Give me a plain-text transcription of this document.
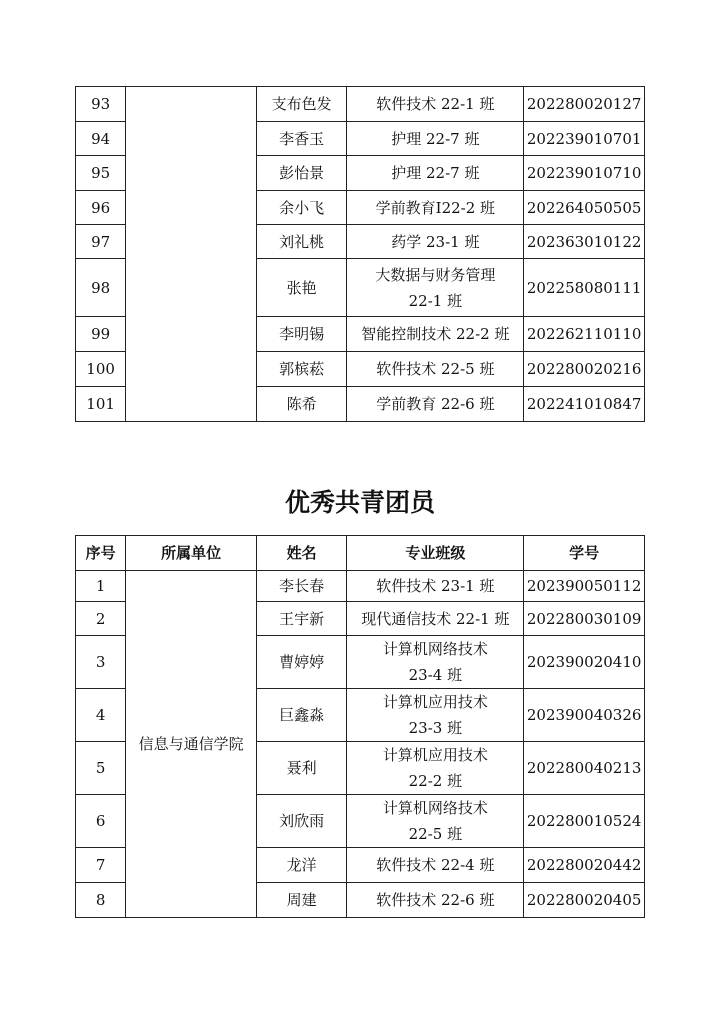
93		支布色发	软件技术 22-1 班	202280020127
94		李香玉	护理 22-7 班	202239010701
95		彭怡景	护理 22-7 班	202239010710
96		余小飞	学前教育Ⅰ22-2 班	202264050505
97		刘礼桃	药学 23-1 班	202363010122
98		张艳	大数据与财务管理
22-1 班	202258080111
99		李明锡	智能控制技术 22-2 班	202262110110
100		郭槟菘	软件技术 22-5 班	202280020216
101		陈希	学前教育 22-6 班	202241010847
优秀共青团员
序号	所属单位	姓名	专业班级	学号
1	信息与通信学院	李长春	软件技术 23-1 班	202390050112
2		王宇新	现代通信技术 22-1 班	202280030109
3		曹婷婷	计算机网络技术
23-4 班	202390020410
4		巨鑫淼	计算机应用技术
23-3 班	202390040326
5		聂利	计算机应用技术
22-2 班	202280040213
6		刘欣雨	计算机网络技术
22-5 班	202280010524
7		龙洋	软件技术 22-4 班	202280020442
8		周建	软件技术 22-6 班	202280020405
